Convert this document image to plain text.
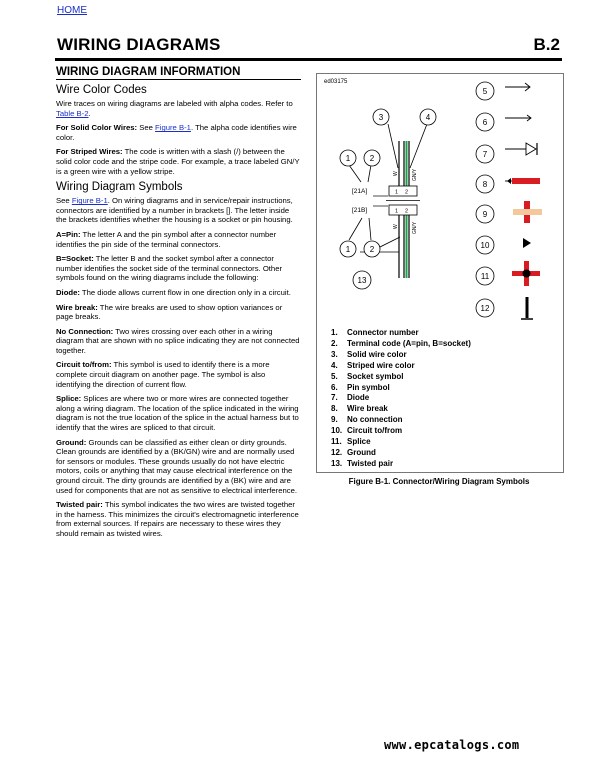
HOME
WIRING DIAGRAMS	B.2
WIRING DIAGRAM INFORMATION
Wire Color Codes

Wire traces on wiring diagrams are labeled with alpha codes. Refer to Table B-2.

For Solid Color Wires: See Figure B-1. The alpha code identifies wire color.

For Striped Wires: The code is written with a slash (/) between the solid color code and the stripe code. For example, a trace labeled GN/Y is a green wire with a yellow stripe.

Wiring Diagram Symbols

See Figure B-1. On wiring diagrams and in service/repair instructions, connectors are identified by a number in brackets []. The letter inside the brackets identifies whether the housing is a socket or pin housing.

A=Pin: The letter A and the pin symbol after a connector number identifies the pin side of the terminal connectors.

B=Socket: The letter B and the socket symbol after a connector number identifies the socket side of the terminal connectors. Other symbols found on the wiring diagrams include the following:

Diode: The diode allows current flow in one direction only in a circuit.

Wire break: The wire breaks are used to show option variances or page breaks.

No Connection: Two wires crossing over each other in a wiring diagram that are shown with no splice indicating they are not connected together.

Circuit to/from: This symbol is used to identify there is a more complete circuit diagram on another page. The symbol is also identifying the direction of current flow.

Splice: Splices are where two or more wires are connected together along a wiring diagram. The location of the splice indicated in the wiring diagram is not the true location of the splice in the actual harness but to identify that the wires are spliced to that circuit.

Ground: Grounds can be classified as either clean or dirty grounds. Clean grounds are identified by a (BK/GN) wire and are normally used for sensors or modules. These grounds usually do not have electric motors, coils or anything that may cause electrical interference on the ground circuit. The dirty grounds are identified by a (BK) wire and are used for components that are not as sensitive to electrical interference.

Twisted pair: This symbol indicates the two wires are twisted together in the harness. This minimizes the circuit's electromagnetic interference from external sources. If repairs are necessary to these wires they should remain as twisted wires.

ed03175
W	GN/Y
W	GN/Y
[21A]
[21B]
1 2
1 2
3	4
1 2
1 2
13
5
6
7
8
9
10
11
12
1. Connector number
2. Terminal code (A=pin, B=socket)
3. Solid wire color
4. Striped wire color
5. Socket symbol
6. Pin symbol
7. Diode
8. Wire break
9. No connection
10. Circuit to/from
11. Splice
12. Ground
13. Twisted pair
Figure B-1. Connector/Wiring Diagram Symbols
www.epcatalogs.com
